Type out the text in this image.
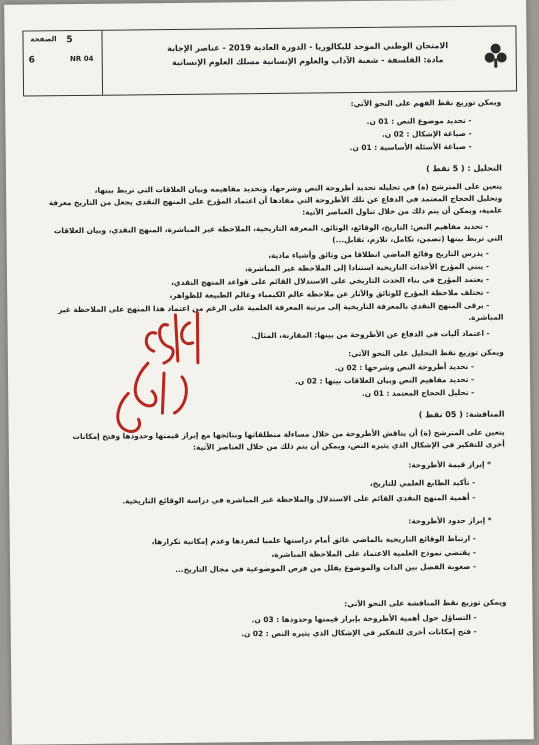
الامتحان الوطني الموحد للبكالوريا - الدورة العادية 2019 - عناصر الإجابة
مادة: الفلسفة - شعبة الآداب والعلوم الإنسانية مسلك العلوم الإنسانية
الصفحة	5
6	NR 04
ويمكن توزيع نقط الفهم على النحو الآتي:
- تحديد موضوع النص : 01 ن.
- صياغة الإشكال : 02 ن.
- صياغة الأسئلة الأساسية : 01 ن.
التحليل : ( 5 نقط )
يتعين على المترشح (ة) في تحليله تحديد أطروحة النص وشرحها، وتحديد مفاهيمه وبيان العلاقات التي تربط بينها،
وتحليل الحجاج المعتمد في الدفاع عن تلك الأطروحة التي مفادها أن اعتماد المؤرخ على المنهج النقدي يجعل من التاريخ معرفة
علمية، ويمكن أن يتم ذلك من خلال تناول العناصر الآتية:
- تحديد مفاهيم النص: التاريخ، الوقائع، الوثائق، المعرفة التاريخية، الملاحظة غير المباشرة، المنهج النقدي، وبيان العلاقات
التي تربط بينها (تضمن، تكامل، تلازم، تقابل...)
- يدرس التاريخ وقائع الماضي انطلاقا من وثائق وأشياء مادية،
- يبني المؤرخ الأحداث التاريخية استنادا إلى الملاحظة غير المباشرة،
- يعتمد المؤرخ في بناء الحدث التاريخي على الاستدلال القائم على قواعد المنهج النقدي،
- تختلف ملاحظة المؤرخ للوثائق والآثار عن ملاحظة عالم الكيمياء وعالم الطبيعة للظواهر،
- يرقى المنهج النقدي بالمعرفة التاريخية إلى مرتبة المعرفة العلمية على الرغم من اعتماد هذا المنهج على الملاحظة غير
المباشرة.
- اعتماد آليات في الدفاع عن الأطروحة من بينها: المقارنة، المثال.
ويمكن توزيع نقط التحليل على النحو الآتي:
- تحديد أطروحة النص وشرحها : 02 ن.
- تحديد مفاهيم النص وبيان العلاقات بينها : 02 ن.
- تحليل الحجاج المعتمد : 01 ن.
المناقشة: ( 05 نقط )
يتعين على المترشح (ة) أن يناقش الأطروحة من خلال مساءلة منطلقاتها ونتائجها مع إبراز قيمتها وحدودها وفتح إمكانات
أخرى للتفكير في الإشكال الذي يثيره النص، ويمكن أن يتم ذلك من خلال العناصر الآتية:
* إبراز قيمة الأطروحة:
- تأكيد الطابع العلمي للتاريخ،
- أهمية المنهج النقدي القائم على الاستدلال والملاحظة غير المباشرة في دراسة الوقائع التاريخية.
* إبراز حدود الأطروحة:
- ارتباط الوقائع التاريخية بالماضي عائق أمام دراستها علميا لتفردها وعدم إمكانية تكرارها،
- يقتضي نموذج العلمية الاعتماد على الملاحظة المباشرة،
- صعوبة الفصل بين الذات والموضوع يقلل من فرص الموضوعية في مجال التاريخ...
ويمكن توزيع نقط المناقشة على النحو الآتي:
- التساؤل حول أهمية الأطروحة بإبراز قيمتها وحدودها : 03 ن.
- فتح إمكانات أخرى للتفكير في الإشكال الذي يثيره النص : 02 ن.
